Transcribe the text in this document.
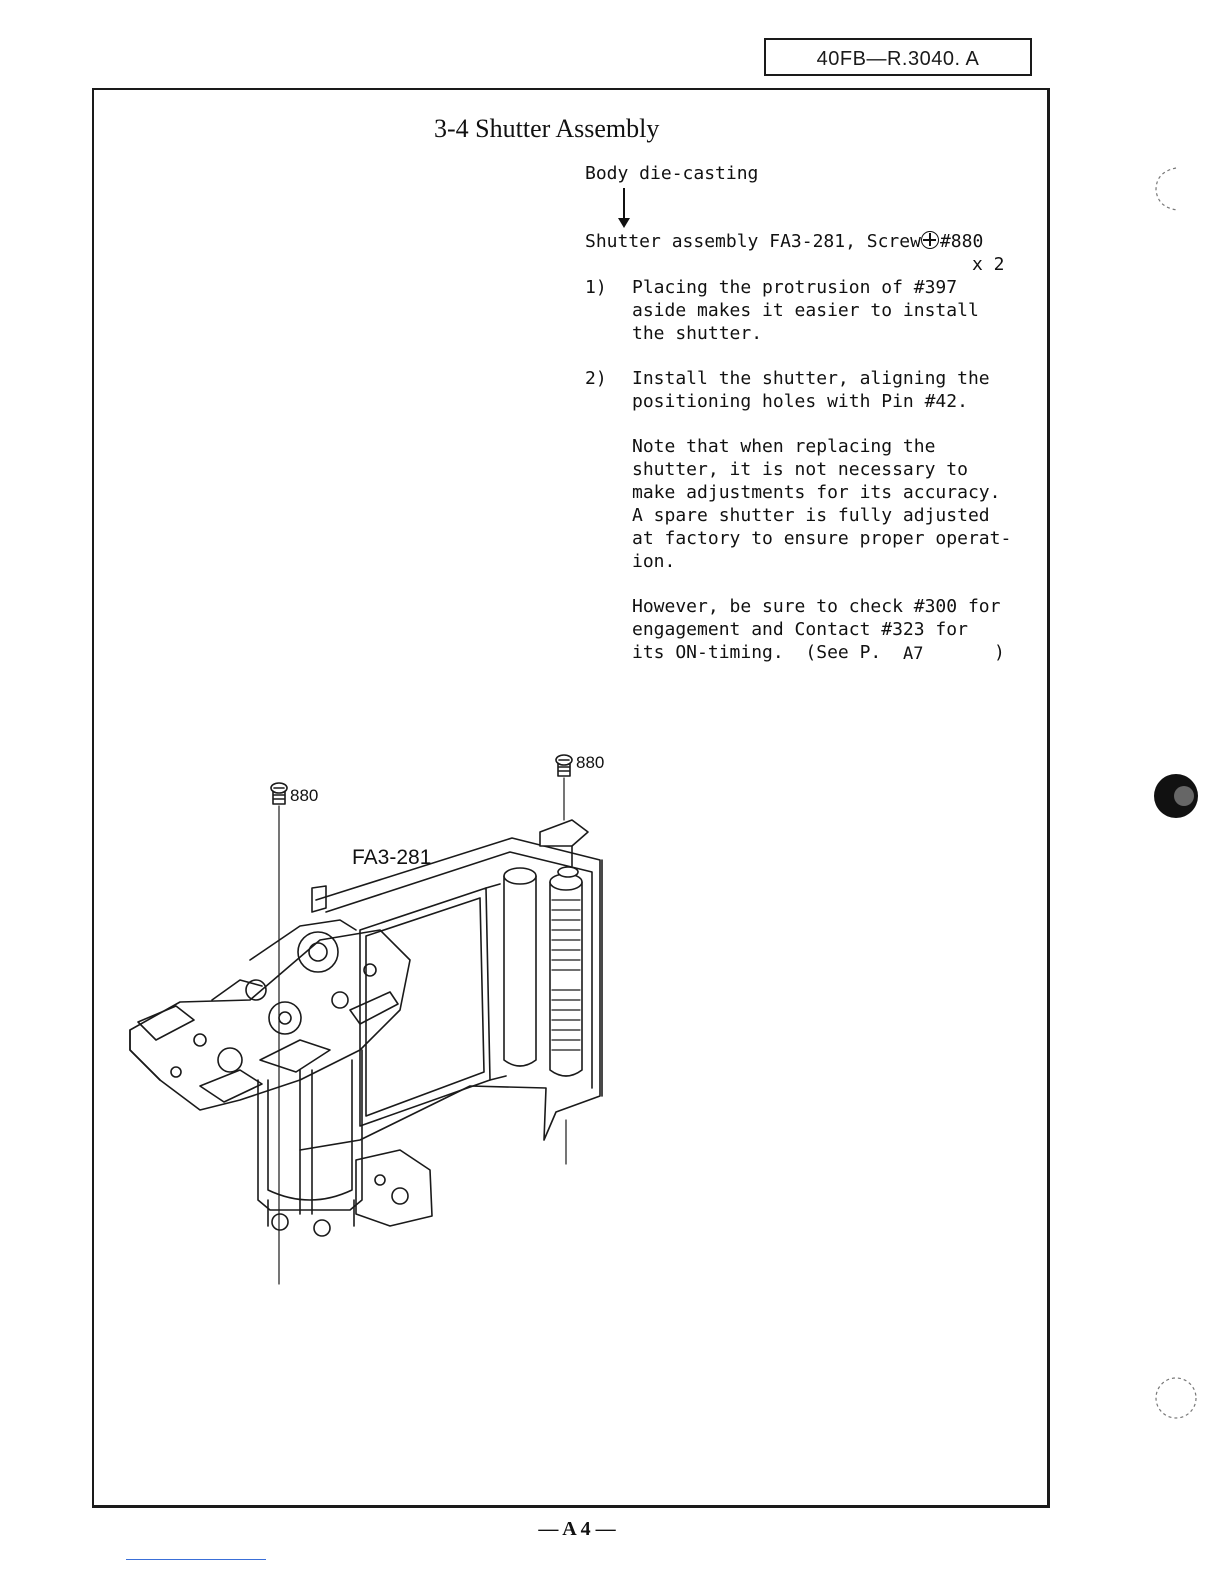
40FB—R.3040. A
3-4 Shutter Assembly
Body die-casting
Shutter assembly FA3-281, Screw #880
x 2
1) Placing the protrusion of #397
aside makes it easier to install
the shutter.
2) Install the shutter, aligning the
positioning holes with Pin #42.
Note that when replacing the
shutter, it is not necessary to
make adjustments for its accuracy.
A spare shutter is fully adjusted
at factory to ensure proper operat-
ion.
However, be sure to check #300 for
engagement and Contact #323 for
its ON-timing.  (See P. A7	)
FA3-281
880
880
— A 4 —
